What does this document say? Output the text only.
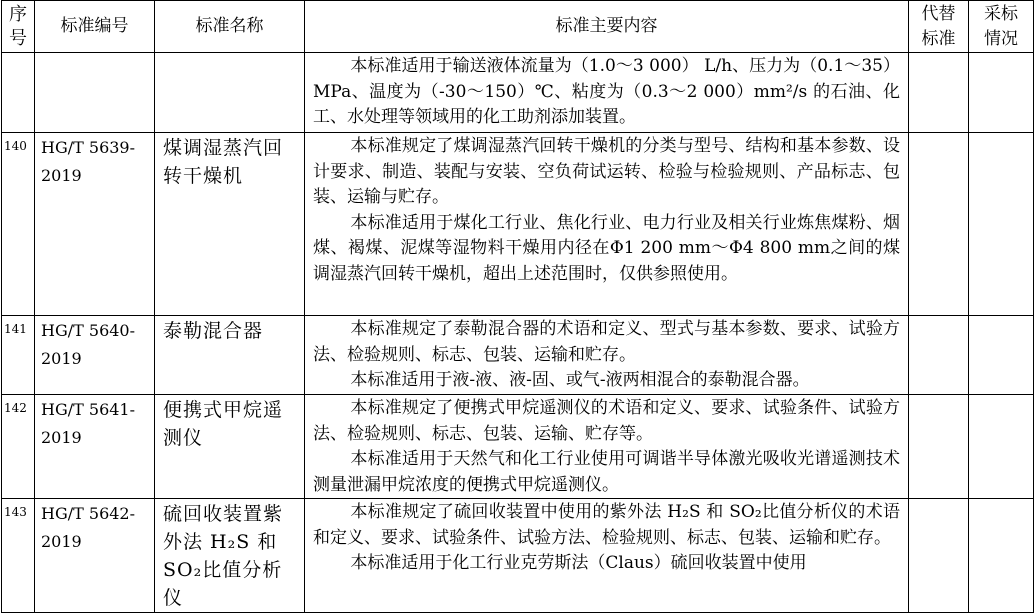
序号	标准编号	标准名称	标准主要内容	代替标准	采标情况

			本标准适用于输送液体流量为（1.0～3 000） L/h、压力为（0.1～35） MPa、温度为（-30～150）℃、粘度为（0.3～2 000）mm²/s 的石油、化工、水处理等领域用的化工助剂添加装置。		

140	HG/T 5639-2019	煤调湿蒸汽回转干燥机	本标准规定了煤调湿蒸汽回转干燥机的分类与型号、结构和基本参数、设计要求、制造、装配与安装、空负荷试运转、检验与检验规则、产品标志、包装、运输与贮存。

本标准适用于煤化工行业、焦化行业、电力行业及相关行业炼焦煤粉、烟煤、褐煤、泥煤等湿物料干燥用内径在Φ1 200 mm～Φ4 800 mm之间的煤调湿蒸汽回转干燥机，超出上述范围时，仅供参照使用。		

141	HG/T 5640-2019	泰勒混合器	本标准规定了泰勒混合器的术语和定义、型式与基本参数、要求、试验方法、检验规则、标志、包装、运输和贮存。

本标准适用于液-液、液-固、或气-液两相混合的泰勒混合器。		

142	HG/T 5641-2019	便携式甲烷遥测仪	本标准规定了便携式甲烷遥测仪的术语和定义、要求、试验条件、试验方法、检验规则、标志、包装、运输、贮存等。

本标准适用于天然气和化工行业使用可调谐半导体激光吸收光谱遥测技术测量泄漏甲烷浓度的便携式甲烷遥测仪。		

143	HG/T 5642-2019	硫回收装置紫外法 H₂S 和 SO₂比值分析仪	本标准规定了硫回收装置中使用的紫外法 H₂S 和 SO₂比值分析仪的术语和定义、要求、试验条件、试验方法、检验规则、标志、包装、运输和贮存。

本标准适用于化工行业克劳斯法（Claus）硫回收装置中使用		
